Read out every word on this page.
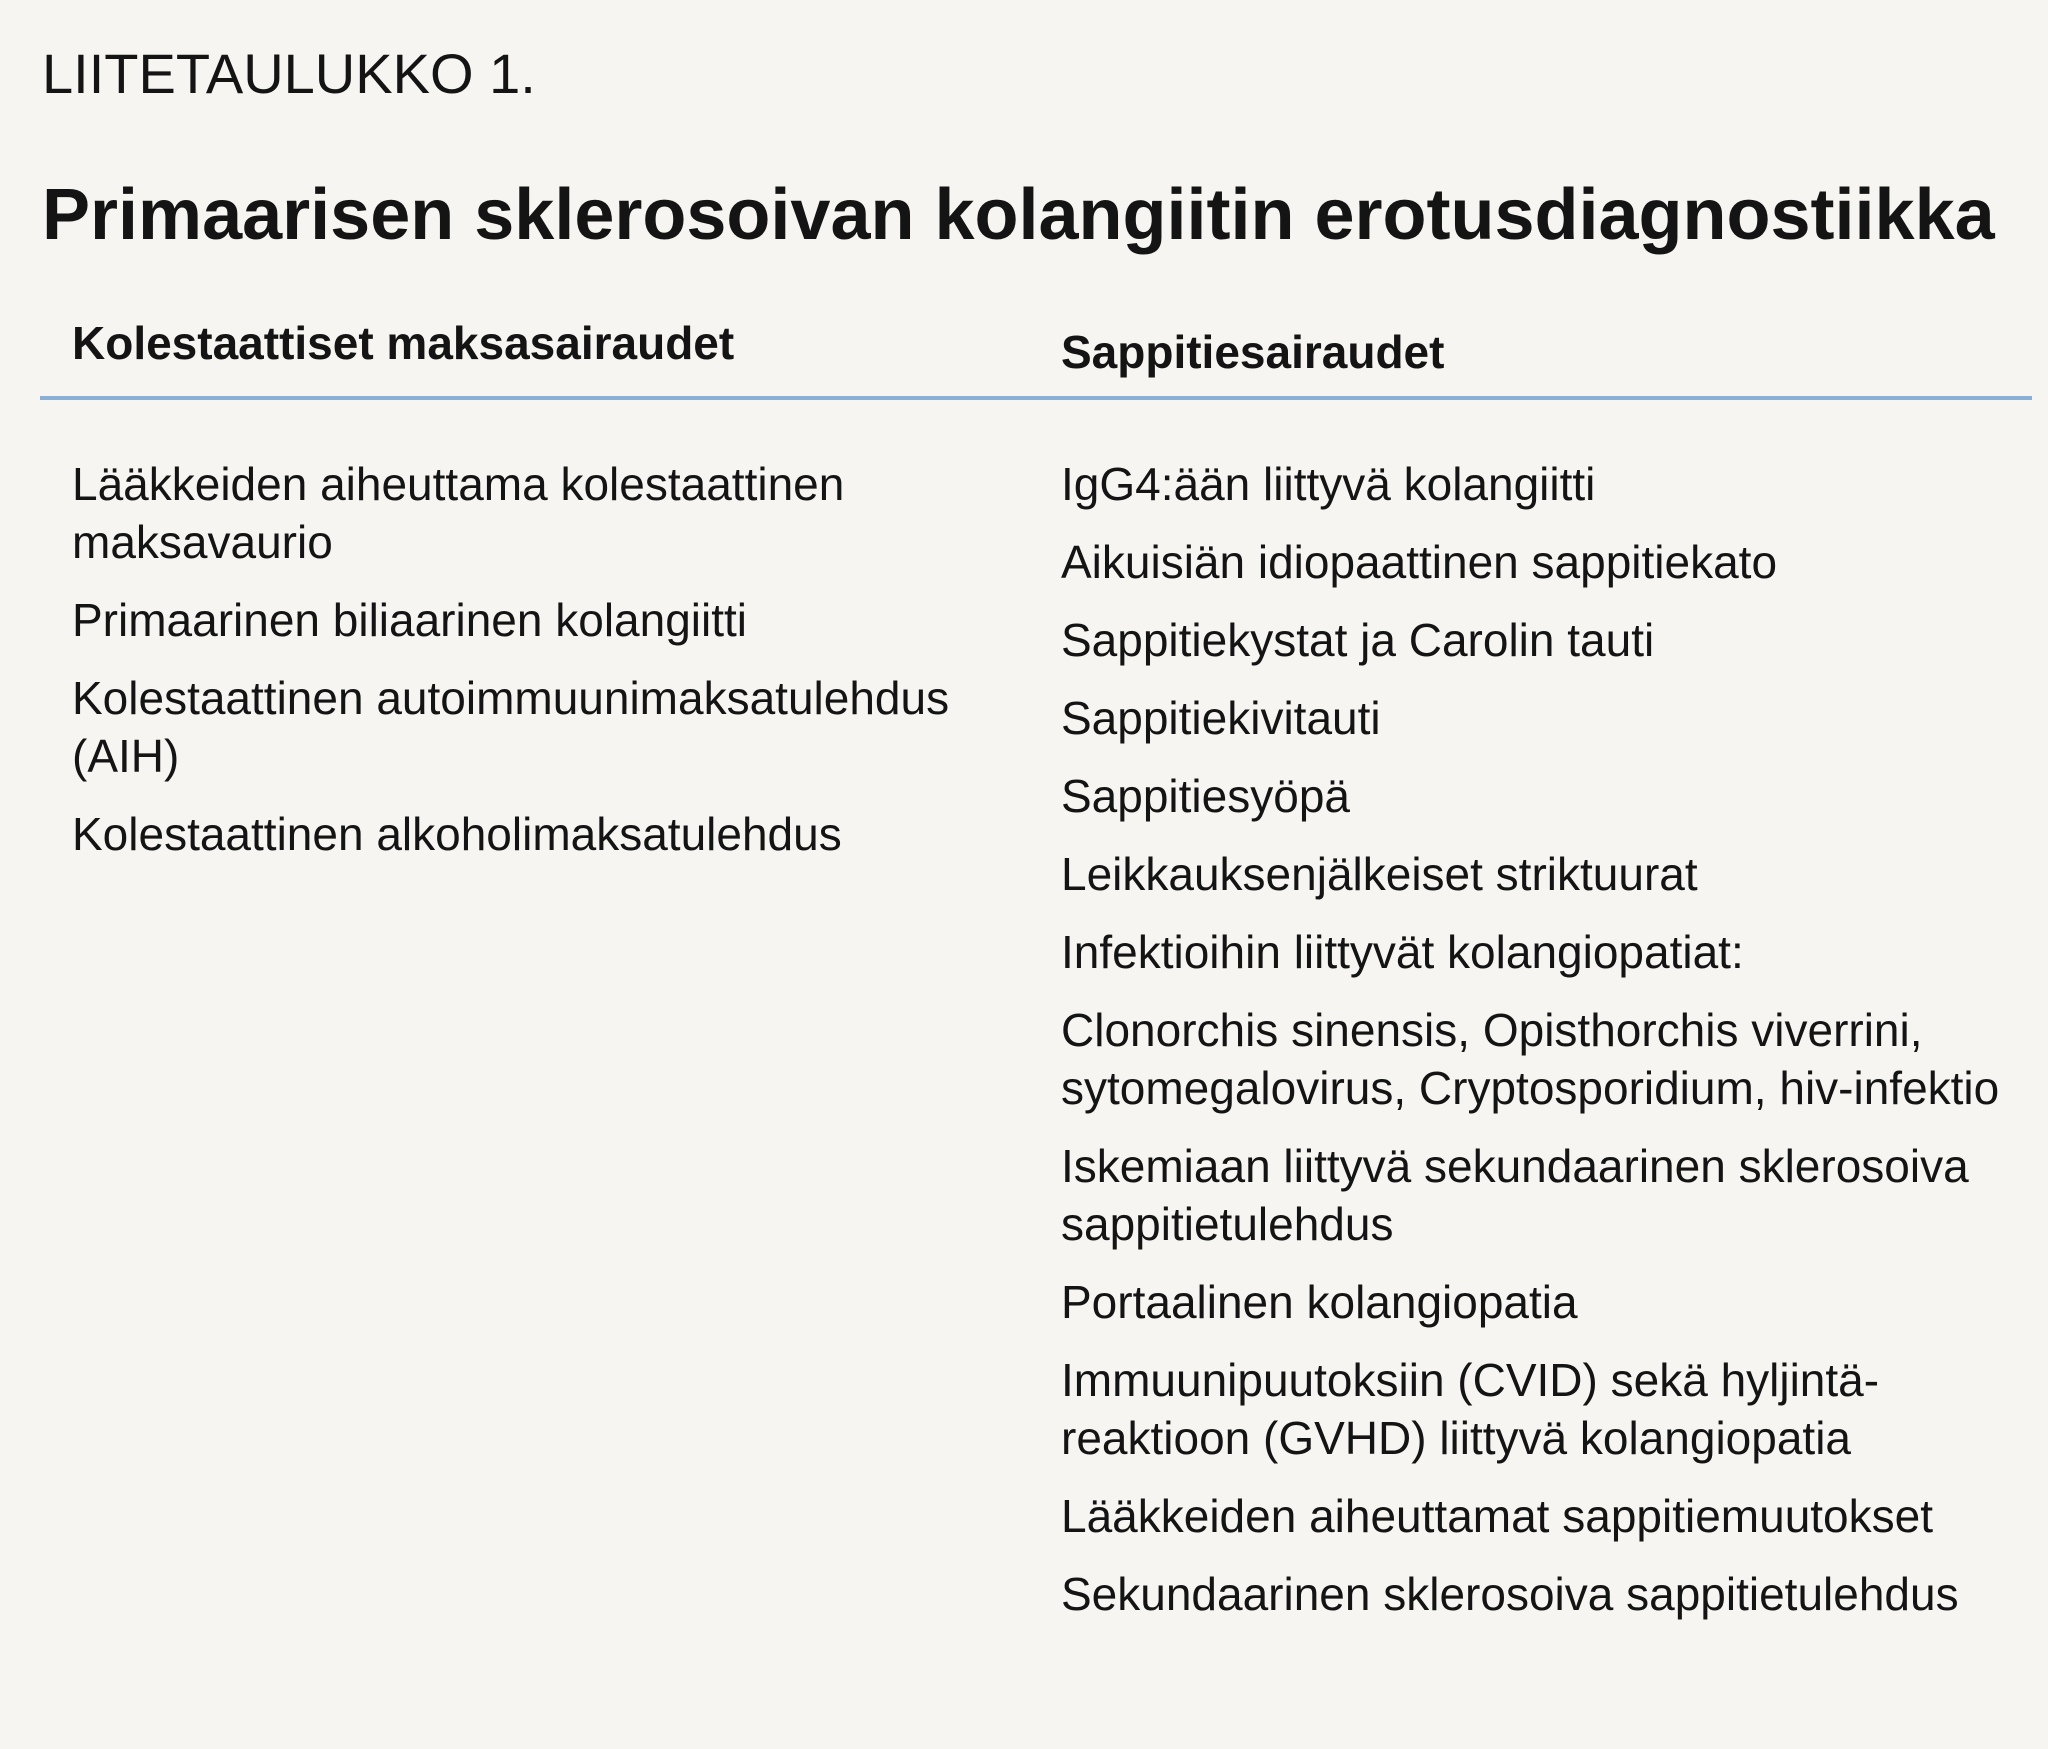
LIITETAULUKKO 1.
Primaarisen sklerosoivan kolangiitin erotusdiagnostiikka
Kolestaattiset maksasairaudet	Sappitiesairaudet
Lääkkeiden aiheuttama kolestaattinen maksavaurio
Primaarinen biliaarinen kolangiitti
Kolestaattinen autoimmuunimaksatulehdus (AIH)
Kolestaattinen alkoholimaksatulehdus
IgG4:ään liittyvä kolangiitti
Aikuisiän idiopaattinen sappitiekato
Sappitiekystat ja Carolin tauti
Sappitiekivitauti
Sappitiesyöpä
Leikkauksenjälkeiset striktuurat
Infektioihin liittyvät kolangiopatiat:
Clonorchis sinensis, Opisthorchis viverrini, sytomegalovirus, Cryptosporidium, hiv-infektio
Iskemiaan liittyvä sekundaarinen sklerosoiva sappitietulehdus
Portaalinen kolangiopatia
Immuunipuutoksiin (CVID) sekä hyljintä-reaktioon (GVHD) liittyvä kolangiopatia
Lääkkeiden aiheuttamat sappitiemuutokset
Sekundaarinen sklerosoiva sappitietulehdus
